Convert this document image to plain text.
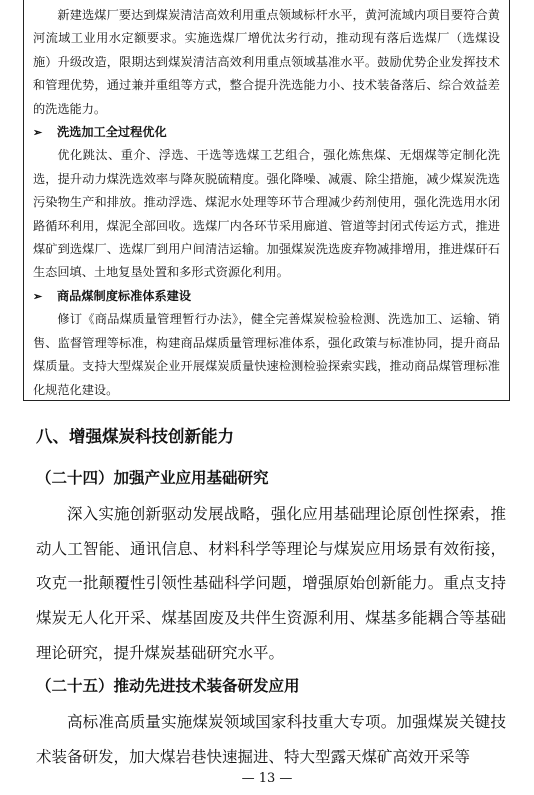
新建选煤厂要达到煤炭清洁高效利用重点领域标杆水平，黄河流域内项目要符合黄河流域工业用水定额要求。实施选煤厂增优汰劣行动，推动现有落后选煤厂（选煤设施）升级改造，限期达到煤炭清洁高效利用重点领域基准水平。鼓励优势企业发挥技术和管理优势，通过兼并重组等方式，整合提升洗选能力小、技术装备落后、综合效益差的洗选能力。

➢	洗选加工全过程优化

优化跳汰、重介、浮选、干选等选煤工艺组合，强化炼焦煤、无烟煤等定制化洗选，提升动力煤洗选效率与降灰脱硫精度。强化降噪、减震、除尘措施，减少煤炭洗选污染物生产和排放。推动浮选、煤泥水处理等环节合理减少药剂使用，强化洗选用水闭路循环利用，煤泥全部回收。选煤厂内各环节采用廊道、管道等封闭式传运方式，推进煤矿到选煤厂、选煤厂到用户间清洁运输。加强煤炭洗选废弃物减排增用，推进煤矸石生态回填、土地复垦处置和多形式资源化利用。

➢	商品煤制度标准体系建设

修订《商品煤质量管理暂行办法》，健全完善煤炭检验检测、洗选加工、运输、销售、监督管理等标准，构建商品煤质量管理标准体系，强化政策与标准协同，提升商品煤质量。支持大型煤炭企业开展煤炭质量快速检测检验探索实践，推动商品煤管理标准化规范化建设。

八、增强煤炭科技创新能力
（二十四）加强产业应用基础研究

深入实施创新驱动发展战略，强化应用基础理论原创性探索，推动人工智能、通讯信息、材料科学等理论与煤炭应用场景有效衔接，攻克一批颠覆性引领性基础科学问题，增强原始创新能力。重点支持煤炭无人化开采、煤基固废及共伴生资源利用、煤基多能耦合等基础理论研究，提升煤炭基础研究水平。

（二十五）推动先进技术装备研发应用

高标准高质量实施煤炭领域国家科技重大专项。加强煤炭关键技术装备研发，加大煤岩巷快速掘进、特大型露天煤矿高效开采等

— 13 —
